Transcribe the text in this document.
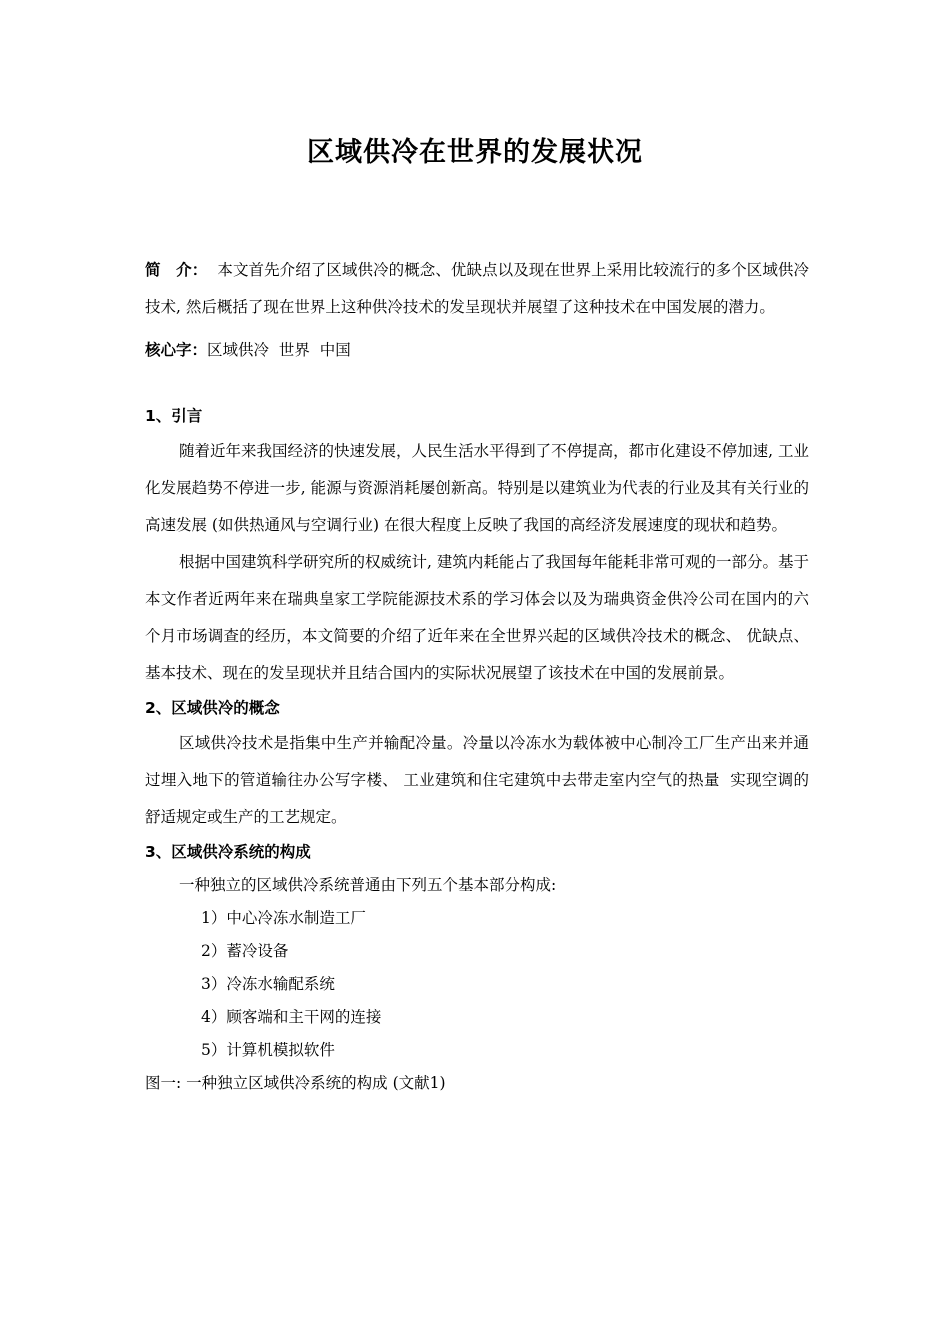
区域供冷在世界的发展状况

简　介： 本文首先介绍了区域供冷的概念、优缺点以及现在世界上采用比较流行的多个区域供冷技术, 然后概括了现在世界上这种供冷技术的发呈现状并展望了这种技术在中国发展的潜力。

核心字：区域供冷  世界  中国

1、引言

随着近年来我国经济的快速发展，人民生活水平得到了不停提高，都市化建设不停加速, 工业化发展趋势不停进一步, 能源与资源消耗屡创新高。特别是以建筑业为代表的行业及其有关行业的高速发展 (如供热通风与空调行业) 在很大程度上反映了我国的高经济发展速度的现状和趋势。

根据中国建筑科学研究所的权威统计, 建筑内耗能占了我国每年能耗非常可观的一部分。基于本文作者近两年来在瑞典皇家工学院能源技术系的学习体会以及为瑞典资金供冷公司在国内的六个月市场调查的经历，本文简要的介绍了近年来在全世界兴起的区域供冷技术的概念、 优缺点、基本技术、现在的发呈现状并且结合国内的实际状况展望了该技术在中国的发展前景。

2、区域供冷的概念

区域供冷技术是指集中生产并输配冷量。冷量以冷冻水为载体被中心制冷工厂生产出来并通过埋入地下的管道输往办公写字楼、 工业建筑和住宅建筑中去带走室内空气的热量  实现空调的舒适规定或生产的工艺规定。

3、区域供冷系统的构成
一种独立的区域供冷系统普通由下列五个基本部分构成:
1）中心冷冻水制造工厂
2）蓄冷设备
3）冷冻水输配系统
4）顾客端和主干网的连接
5）计算机模拟软件
图一: 一种独立区域供冷系统的构成 (文献1)
